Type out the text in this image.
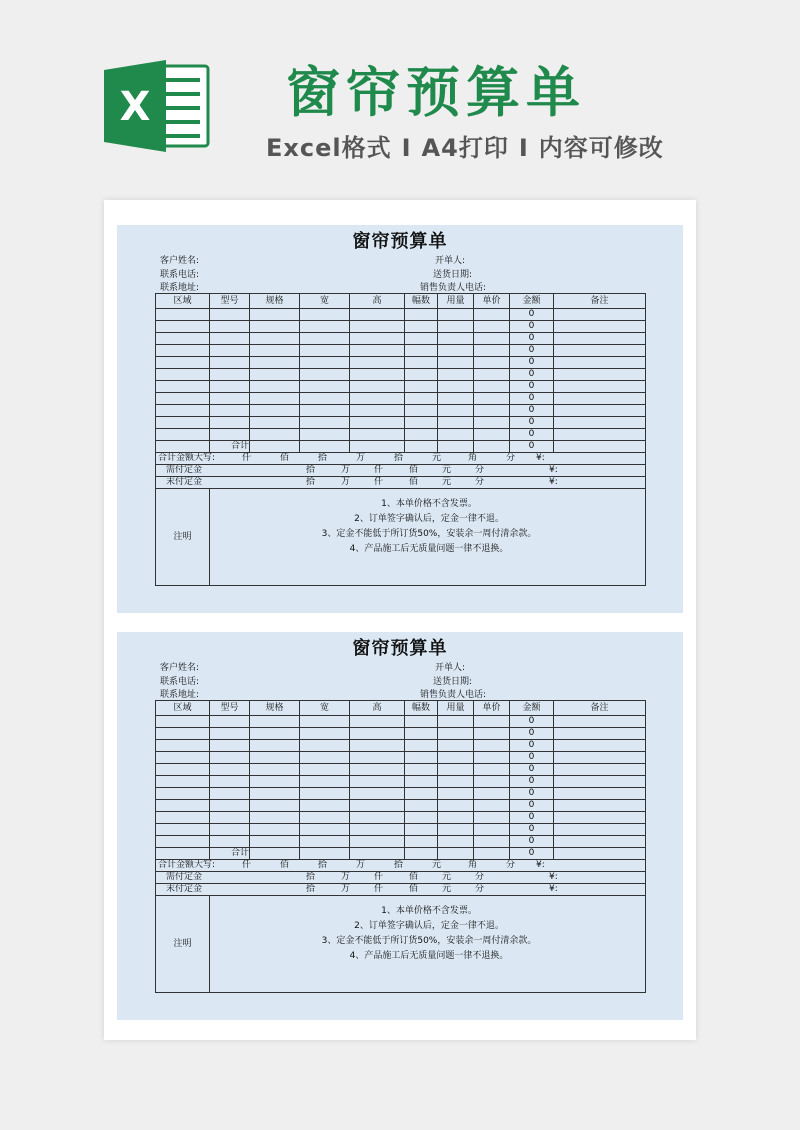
X	窗帘预算单
Excel格式 I A4打印 I 内容可修改
窗帘预算单
客户姓名:
联系电话:
联系地址:
开单人:
送货日期:
销售负责人电话:
区域	型号	规格	宽	高	幅数	用量	单价	金额	备注
								0	
								0	
								0	
								0	
								0	
								0	
								0	
								0	
								0	
								0	
								0	
	合计							0	
合计金额大写: 仟 佰 拾 万 拾 元 角 分 ¥:									
需付定金 拾 万 仟 佰 元 分 ¥:									
末付定金 拾 万 仟 佰 元 分 ¥:									
注明	1、本单价格不含发票。
2、订单签字确认后，定金一律不退。
3、定金不能低于所订货50%，安装余一周付清余款。
4、产品施工后无质量问题一律不退换。								
窗帘预算单
客户姓名:
联系电话:
联系地址:
开单人:
送货日期:
销售负责人电话:
区域	型号	规格	宽	高	幅数	用量	单价	金额	备注
								0	
								0	
								0	
								0	
								0	
								0	
								0	
								0	
								0	
								0	
								0	
	合计							0	
合计金额大写: 仟 佰 拾 万 拾 元 角 分 ¥:									
需付定金 拾 万 仟 佰 元 分 ¥:									
末付定金 拾 万 仟 佰 元 分 ¥:									
注明	1、本单价格不含发票。
2、订单签字确认后，定金一律不退。
3、定金不能低于所订货50%，安装余一周付清余款。
4、产品施工后无质量问题一律不退换。								
